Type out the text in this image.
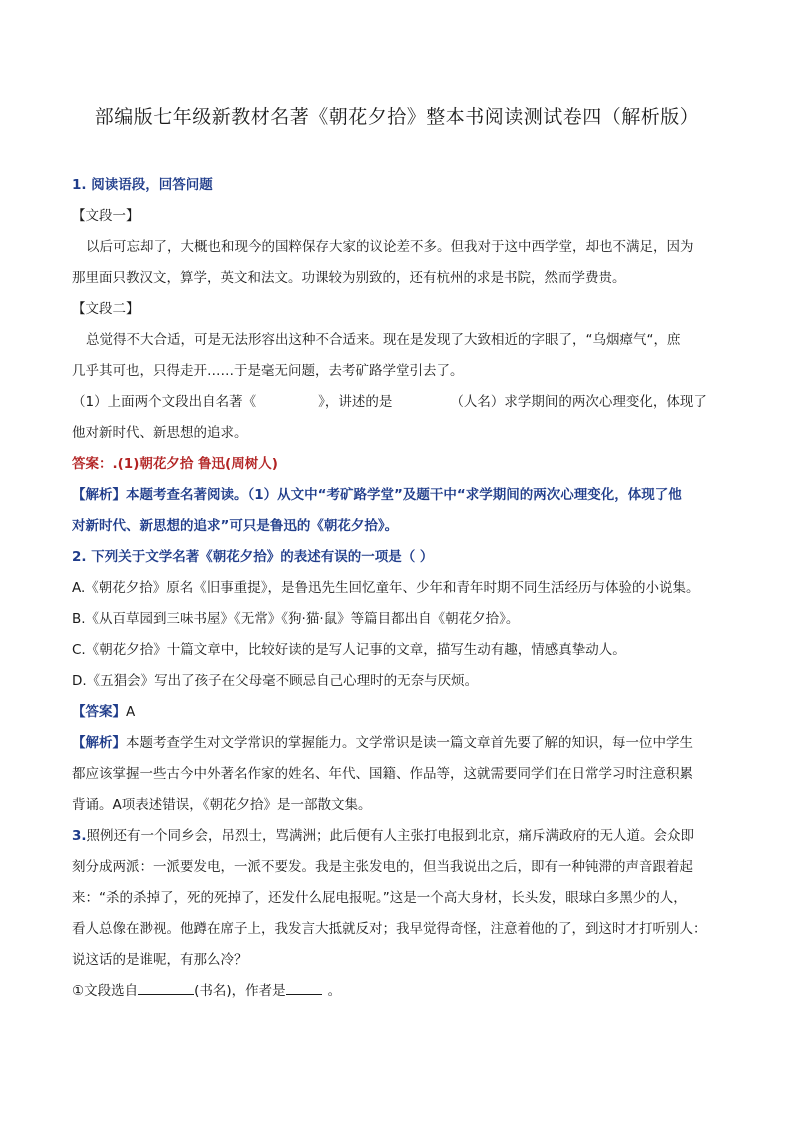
部编版七年级新教材名著《朝花夕拾》整本书阅读测试卷四（解析版）

1. 阅读语段，回答问题

【文段一】

以后可忘却了，大概也和现今的国粹保存大家的议论差不多。但我对于这中西学堂，却也不满足，因为

那里面只教汉文，算学，英文和法文。功课较为别致的，还有杭州的求是书院，然而学费贵。

【文段二】

总觉得不大合适，可是无法形容出这种不合适来。现在是发现了大致相近的字眼了，“乌烟瘴气“，庶

几乎其可也，只得走开……于是毫无问题，去考矿路学堂引去了。

（1）上面两个文段出自名著《	》，讲述的是	（人名）求学期间的两次心理变化，体现了

他对新时代、新思想的追求。

答案：.(1)朝花夕拾 鲁迅(周树人)

【解析】本题考查名著阅读。（1）从文中“考矿路学堂”及题干中“求学期间的两次心理变化，体现了他

对新时代、新思想的追求”可只是鲁迅的《朝花夕拾》。

2. 下列关于文学名著《朝花夕拾》的表述有误的一项是（ ）

A.《朝花夕拾》原名《旧事重提》，是鲁迅先生回忆童年、少年和青年时期不同生活经历与体验的小说集。

B.《从百草园到三味书屋》《无常》《狗·猫·鼠》等篇目都出自《朝花夕拾》。

C.《朝花夕拾》十篇文章中，比较好读的是写人记事的文章，描写生动有趣，情感真挚动人。

D.《五猖会》写出了孩子在父母毫不顾忌自己心理时的无奈与厌烦。

【答案】A

【解析】本题考查学生对文学常识的掌握能力。文学常识是读一篇文章首先要了解的知识，每一位中学生

都应该掌握一些古今中外著名作家的姓名、年代、国籍、作品等，这就需要同学们在日常学习时注意积累

背诵。A项表述错误，《朝花夕拾》是一部散文集。

3.照例还有一个同乡会，吊烈士，骂满洲；此后便有人主张打电报到北京，痛斥满政府的无人道。会众即

刻分成两派：一派要发电，一派不要发。我是主张发电的，但当我说出之后，即有一种钝滞的声音跟着起

来：“杀的杀掉了，死的死掉了，还发什么屁电报呢。”这是一个高大身材，长头发，眼球白多黑少的人，

看人总像在渺视。他蹲在席子上，我发言大抵就反对；我早觉得奇怪，注意着他的了，到这时才打听别人：

说这话的是谁呢，有那么冷？

①文段选自	(书名)，作者是	。
